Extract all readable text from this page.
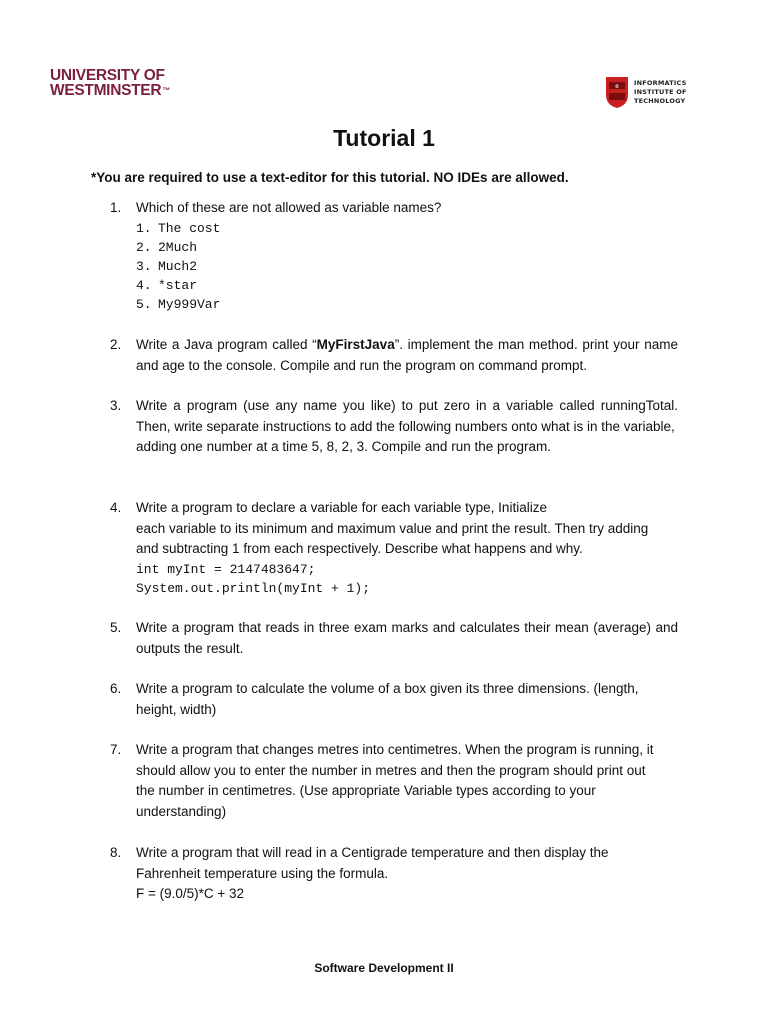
UNIVERSITY OF
WESTMINSTER™	ꕕ
INFORMATICS
INSTITUTE OF
TECHNOLOGY
Tutorial 1
*You are required to use a text-editor for this tutorial. NO IDEs are allowed.
1. Which of these are not allowed as variable names?
1. The cost
2. 2Much
3. Much2
4. *star
5. My999Var
2. Write a Java program called “MyFirstJava”. implement the man method. print your name and age to the console. Compile and run the program on command prompt.
3. Write a program (use any name you like) to put zero in a variable called runningTotal. Then, write separate instructions to add the following numbers onto what is in the variable,
adding one number at a time 5, 8, 2, 3. Compile and run the program.
4. Write a program to declare a variable for each variable type, Initialize
each variable to its minimum and maximum value and print the result. Then try adding
and subtracting 1 from each respectively. Describe what happens and why.
int myInt = 2147483647;
System.out.println(myInt + 1);
5. Write a program that reads in three exam marks and calculates their mean (average) and outputs the result.
6. Write a program to calculate the volume of a box given its three dimensions. (length,
height, width)
7. Write a program that changes metres into centimetres. When the program is running, it
should allow you to enter the number in metres and then the program should print out
the number in centimetres. (Use appropriate Variable types according to your
understanding)
8. Write a program that will read in a Centigrade temperature and then display the
Fahrenheit temperature using the formula.
F = (9.0/5)*C + 32
Software Development II
